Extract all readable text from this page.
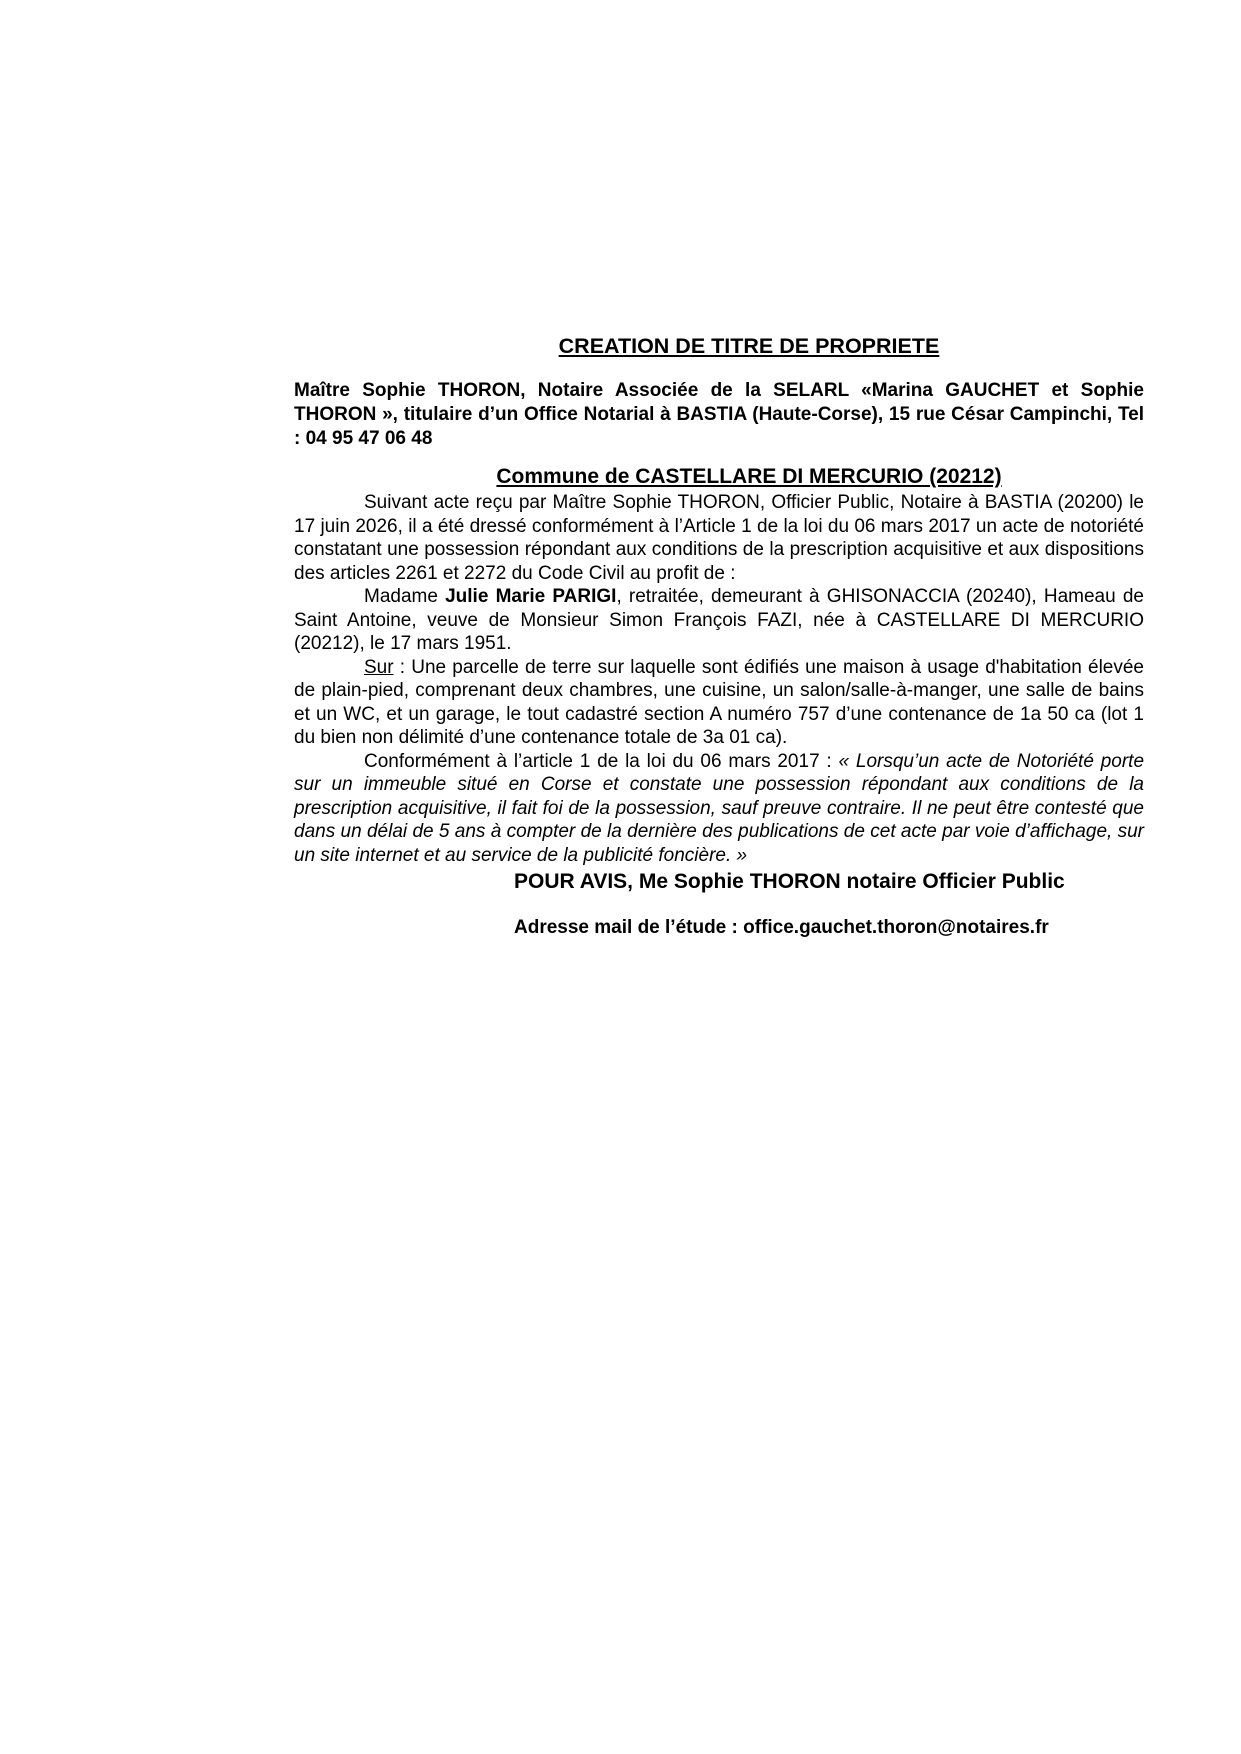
CREATION DE TITRE DE PROPRIETE

Maître Sophie THORON, Notaire Associée de la SELARL «Marina GAUCHET et Sophie THORON », titulaire d’un Office Notarial à BASTIA (Haute-Corse), 15 rue César Campinchi, Tel : 04 95 47 06 48

Commune de CASTELLARE DI MERCURIO (20212)

Suivant acte reçu par Maître Sophie THORON, Officier Public, Notaire à BASTIA (20200) le 17 juin 2026, il a été dressé conformément à l’Article 1 de la loi du 06 mars 2017 un acte de notoriété constatant une possession répondant aux conditions de la prescription acquisitive et aux dispositions des articles 2261 et 2272 du Code Civil au profit de :

Madame Julie Marie PARIGI, retraitée, demeurant à GHISONACCIA (20240), Hameau de Saint Antoine, veuve de Monsieur Simon François FAZI, née à CASTELLARE DI MERCURIO (20212), le 17 mars 1951.

Sur : Une parcelle de terre sur laquelle sont édifiés une maison à usage d'habitation élevée de plain-pied, comprenant deux chambres, une cuisine, un salon/salle-à-manger, une salle de bains et un WC, et un garage, le tout cadastré section A numéro 757 d’une contenance de 1a 50 ca (lot 1 du bien non délimité d’une contenance totale de 3a 01 ca).

Conformément à l’article 1 de la loi du 06 mars 2017 : « Lorsqu’un acte de Notoriété porte sur un immeuble situé en Corse et constate une possession répondant aux conditions de la prescription acquisitive, il fait foi de la possession, sauf preuve contraire. Il ne peut être contesté que dans un délai de 5 ans à compter de la dernière des publications de cet acte par voie d’affichage, sur un site internet et au service de la publicité foncière. »

POUR AVIS, Me Sophie THORON notaire Officier Public

Adresse mail de l’étude : office.gauchet.thoron@notaires.fr
